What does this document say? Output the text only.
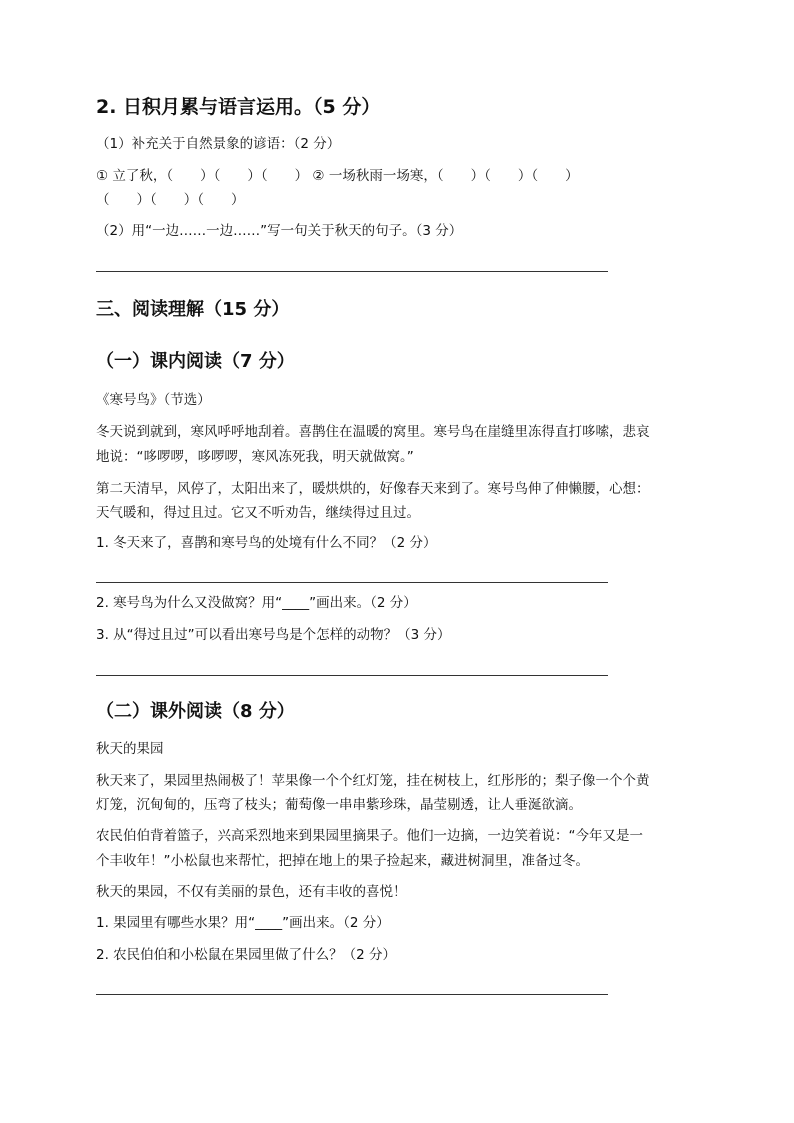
2. 日积月累与语言运用。（5 分）
（1）补充关于自然景象的谚语：（2 分）
① 立了秋，（　　）（　　）（　　） ② 一场秋雨一场寒，（　　）（　　）（　　）
（　　）（　　）（　　）
（2）用“一边……一边……”写一句关于秋天的句子。（3 分）
三、阅读理解（15 分）
（一）课内阅读（7 分）
《寒号鸟》（节选）
冬天说到就到，寒风呼呼地刮着。喜鹊住在温暖的窝里。寒号鸟在崖缝里冻得直打哆嗦，悲哀
地说：“哆啰啰，哆啰啰，寒风冻死我，明天就做窝。”
第二天清早，风停了，太阳出来了，暖烘烘的，好像春天来到了。寒号鸟伸了伸懒腰，心想：
天气暖和，得过且过。它又不听劝告，继续得过且过。
1. 冬天来了，喜鹊和寒号鸟的处境有什么不同？（2 分）
2. 寒号鸟为什么又没做窝？用“____”画出来。（2 分）
3. 从“得过且过”可以看出寒号鸟是个怎样的动物？（3 分）
（二）课外阅读（8 分）
秋天的果园
秋天来了，果园里热闹极了！苹果像一个个红灯笼，挂在树枝上，红彤彤的；梨子像一个个黄
灯笼，沉甸甸的，压弯了枝头；葡萄像一串串紫珍珠，晶莹剔透，让人垂涎欲滴。
农民伯伯背着篮子，兴高采烈地来到果园里摘果子。他们一边摘，一边笑着说：“今年又是一
个丰收年！”小松鼠也来帮忙，把掉在地上的果子捡起来，藏进树洞里，准备过冬。
秋天的果园，不仅有美丽的景色，还有丰收的喜悦！
1. 果园里有哪些水果？用“____”画出来。（2 分）
2. 农民伯伯和小松鼠在果园里做了什么？（2 分）
